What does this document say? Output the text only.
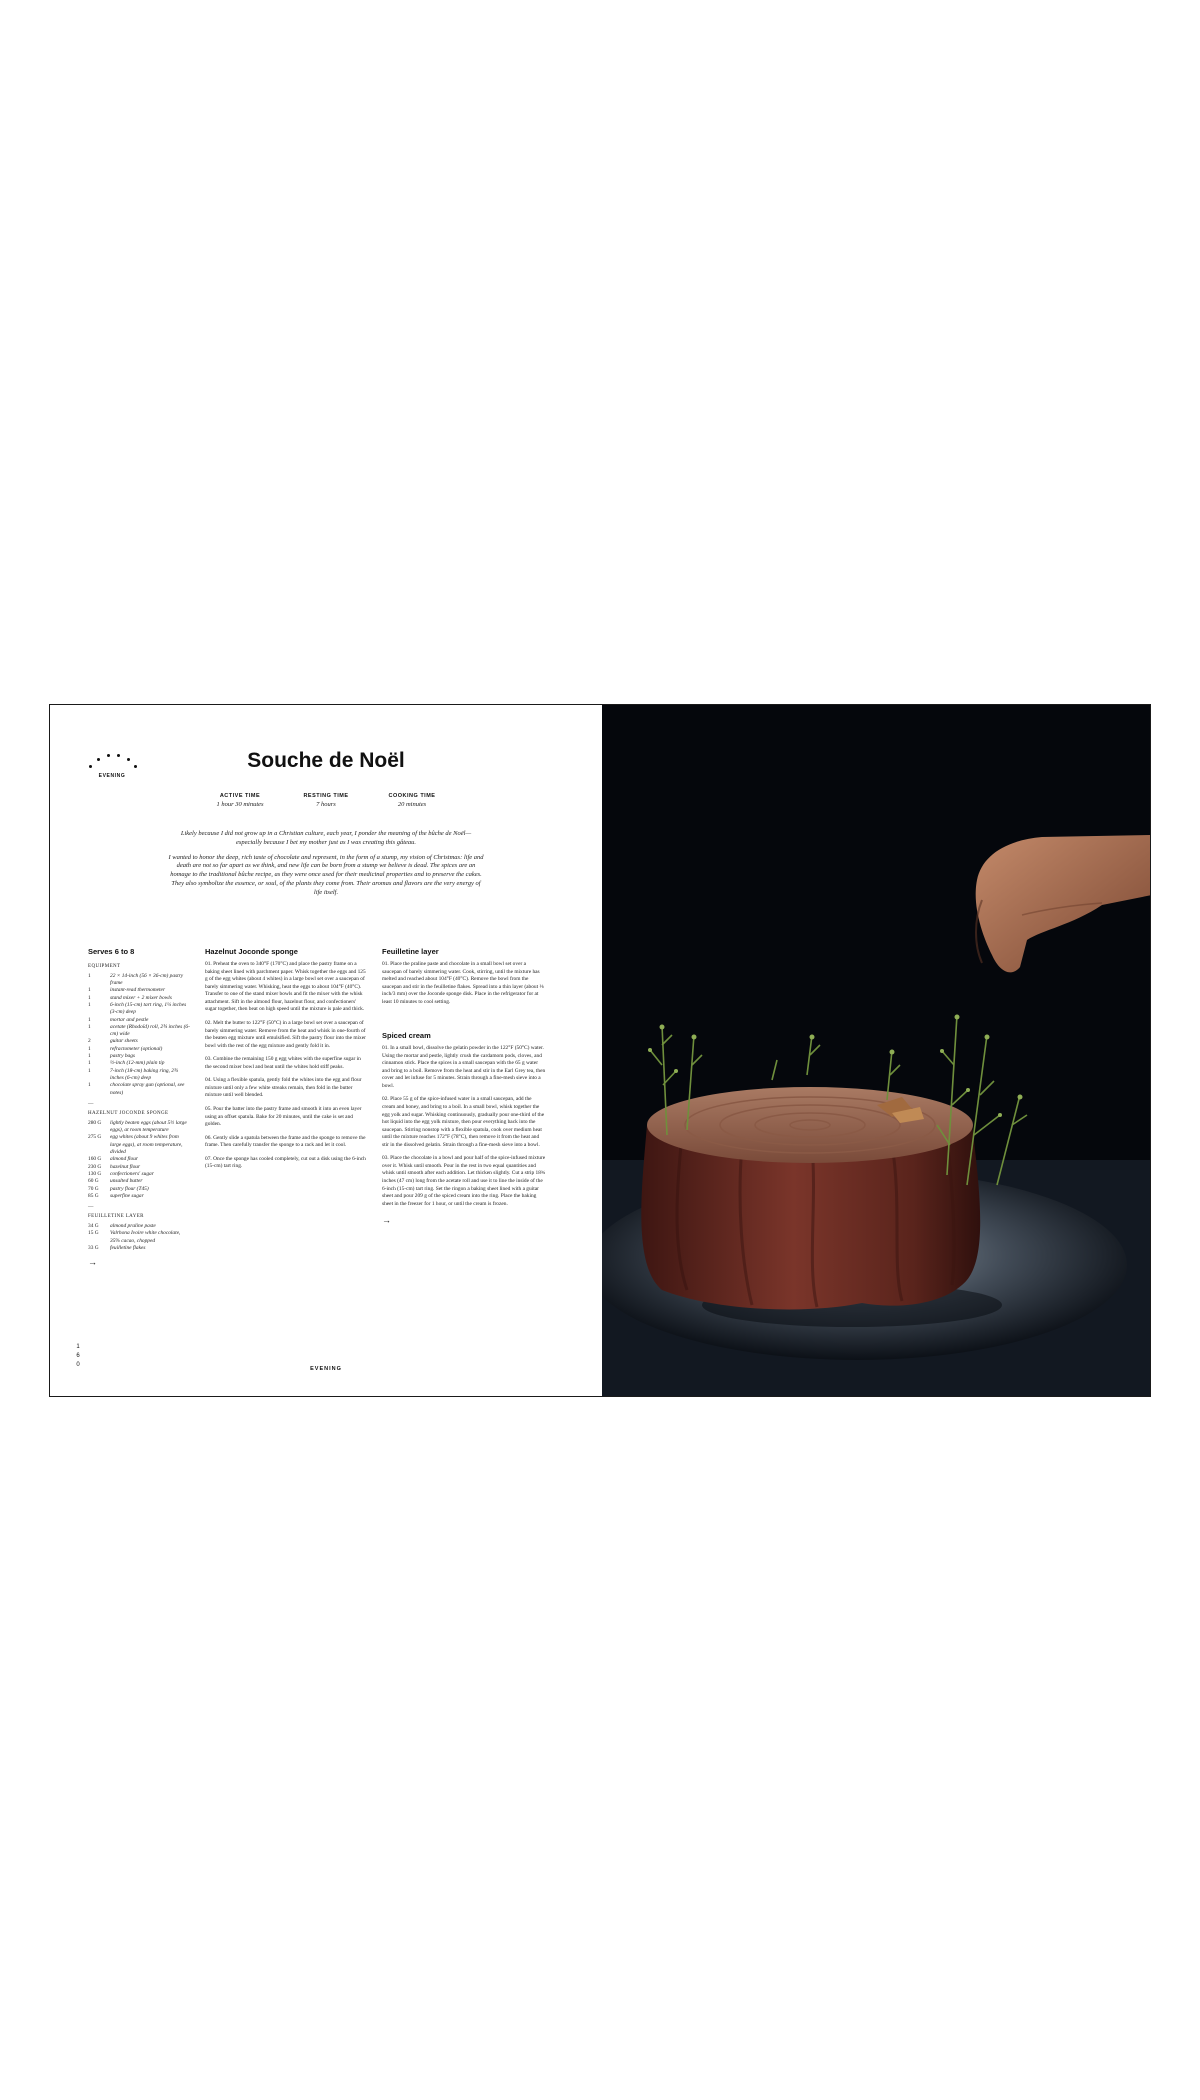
EVENING
Souche de Noël
ACTIVE TIME
1 hour 30 minutes
RESTING TIME
7 hours
COOKING TIME
20 minutes

Likely because I did not grow up in a Christian culture, each year, I ponder the meaning of the bûche de Noël—especially because I bet my mother just as I was creating this gâteau.

I wanted to honor the deep, rich taste of chocolate and represent, in the form of a stump, my vision of Christmas: life and death are not so far apart as we think, and new life can be born from a stump we believe is dead. The spices are an homage to the traditional bûche recipe, as they were once used for their medicinal properties and to preserve the cakes. They also symbolize the essence, or soul, of the plants they come from. Their aromas and flavors are the very energy of life itself.

Serves 6 to 8
EQUIPMENT
1	22 × 14-inch (56 × 36-cm) pastry frame
1	instant-read thermometer
1	stand mixer + 2 mixer bowls
1	6-inch (15-cm) tart ring, 1¼ inches (3-cm) deep
1	mortar and pestle
1	acetate (Rhodoïd) roll, 2¾ inches (6-cm) wide
2	guitar sheets
1	refractometer (optional)
1	pastry bags
1	½-inch (12-mm) plain tip
1	7-inch (18-cm) baking ring, 2¾ inches (6-cm) deep
1	chocolate spray gun (optional, see notes)
—
HAZELNUT JOCONDE SPONGE
280 G	lightly beaten eggs (about 5½ large eggs), at room temperature
275 G	egg whites (about 9 whites from large eggs), at room temperature, divided
160 G	almond flour
230 G	hazelnut flour
130 G	confectioners' sugar
60 G	unsalted butter
70 G	pastry flour (T45)
85 G	superfine sugar
—
FEUILLETINE LAYER
34 G	almond praline paste
15 G	Valrhona Ivoire white chocolate, 35% cacao, chopped
33 G	feuilletine flakes
→
Hazelnut Joconde sponge

01. Preheat the oven to 340°F (170°C) and place the pastry frame on a baking sheet lined with parchment paper. Whisk together the eggs and 125 g of the egg whites (about 4 whites) in a large bowl set over a saucepan of barely simmering water. Whisking, heat the eggs to about 104°F (40°C). Transfer to one of the stand mixer bowls and fit the mixer with the whisk attachment. Sift in the almond flour, hazelnut flour, and confectioners' sugar together, then beat on high speed until the mixture is pale and thick.

02. Melt the butter to 122°F (50°C) in a large bowl set over a saucepan of barely simmering water. Remove from the heat and whisk in one-fourth of the beaten egg mixture until emulsified. Sift the pastry flour into the mixer bowl with the rest of the egg mixture and gently fold it in.

03. Combine the remaining 150 g egg whites with the superfine sugar in the second mixer bowl and beat until the whites hold stiff peaks.

04. Using a flexible spatula, gently fold the whites into the egg and flour mixture until only a few white streaks remain, then fold in the butter mixture until well blended.

05. Pour the batter into the pastry frame and smooth it into an even layer using an offset spatula. Bake for 20 minutes, until the cake is set and golden.

06. Gently slide a spatula between the frame and the sponge to remove the frame. Then carefully transfer the sponge to a rack and let it cool.

07. Once the sponge has cooled completely, cut out a disk using the 6-inch (15-cm) tart ring.

Feuilletine layer

01. Place the praline paste and chocolate in a small bowl set over a saucepan of barely simmering water. Cook, stirring, until the mixture has melted and reached about 104°F (40°C). Remove the bowl from the saucepan and stir in the feuilletine flakes. Spread into a thin layer (about ⅛ inch/3 mm) over the Joconde sponge disk. Place in the refrigerator for at least 10 minutes to cool setting.

Spiced cream

01. In a small bowl, dissolve the gelatin powder in the 122°F (50°C) water. Using the mortar and pestle, lightly crush the cardamom pods, cloves, and cinnamon stick. Place the spices in a small saucepan with the 65 g water and bring to a boil. Remove from the heat and stir in the Earl Grey tea, then cover and let infuse for 5 minutes. Strain through a fine-mesh sieve into a bowl.

02. Place 55 g of the spice-infused water in a small saucepan, add the cream and honey, and bring to a boil. In a small bowl, whisk together the egg yolk and sugar. Whisking continuously, gradually pour one-third of the hot liquid into the egg yolk mixture, then pour everything back into the saucepan. Stirring nonstop with a flexible spatula, cook over medium heat until the mixture reaches 172°F (78°C), then remove it from the heat and stir in the dissolved gelatin. Strain through a fine-mesh sieve into a bowl.

03. Place the chocolate in a bowl and pour half of the spice-infused mixture over it. Whisk until smooth. Pour in the rest in two equal quantities and whisk until smooth after each addition. Let thicken slightly. Cut a strip 18¾ inches (47 cm) long from the acetate roll and use it to line the inside of the 6-inch (15-cm) tart ring. Set the ringon a baking sheet lined with a guitar sheet and pour 209 g of the spiced cream into the ring. Place the baking sheet in the freezer for 1 hour, or until the cream is frozen.

→
1
6
0
EVENING
